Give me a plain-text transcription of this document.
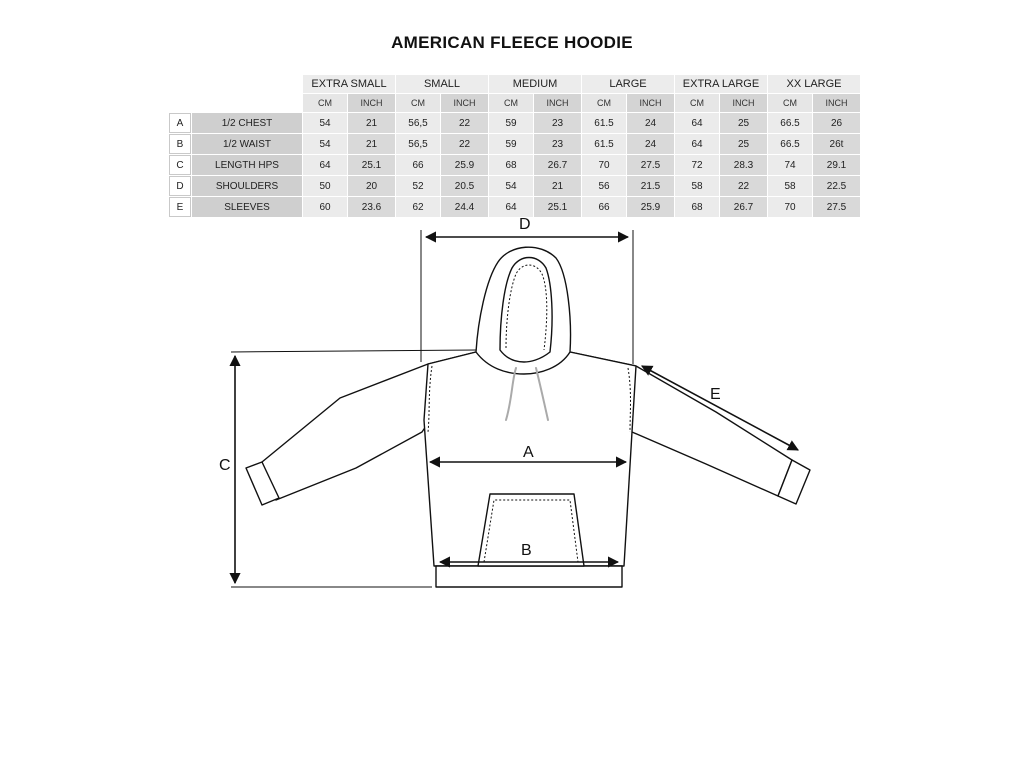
AMERICAN FLEECE HOODIE
		EXTRA SMALL		SMALL		MEDIUM		LARGE		EXTRA LARGE		XX LARGE	
		CM	INCH	CM	INCH	CM	INCH	CM	INCH	CM	INCH	CM	INCH
A	1/2 CHEST	54	21	56,5	22	59	23	61.5	24	64	25	66.5	26
B	1/2 WAIST	54	21	56,5	22	59	23	61.5	24	64	25	66.5	26t
C	LENGTH HPS	64	25.1	66	25.9	68	26.7	70	27.5	72	28.3	74	29.1
D	SHOULDERS	50	20	52	20.5	54	21	56	21.5	58	22	58	22.5
E	SLEEVES	60	23.6	62	24.4	64	25.1	66	25.9	68	26.7	70	27.5
D
C
A
B
E
